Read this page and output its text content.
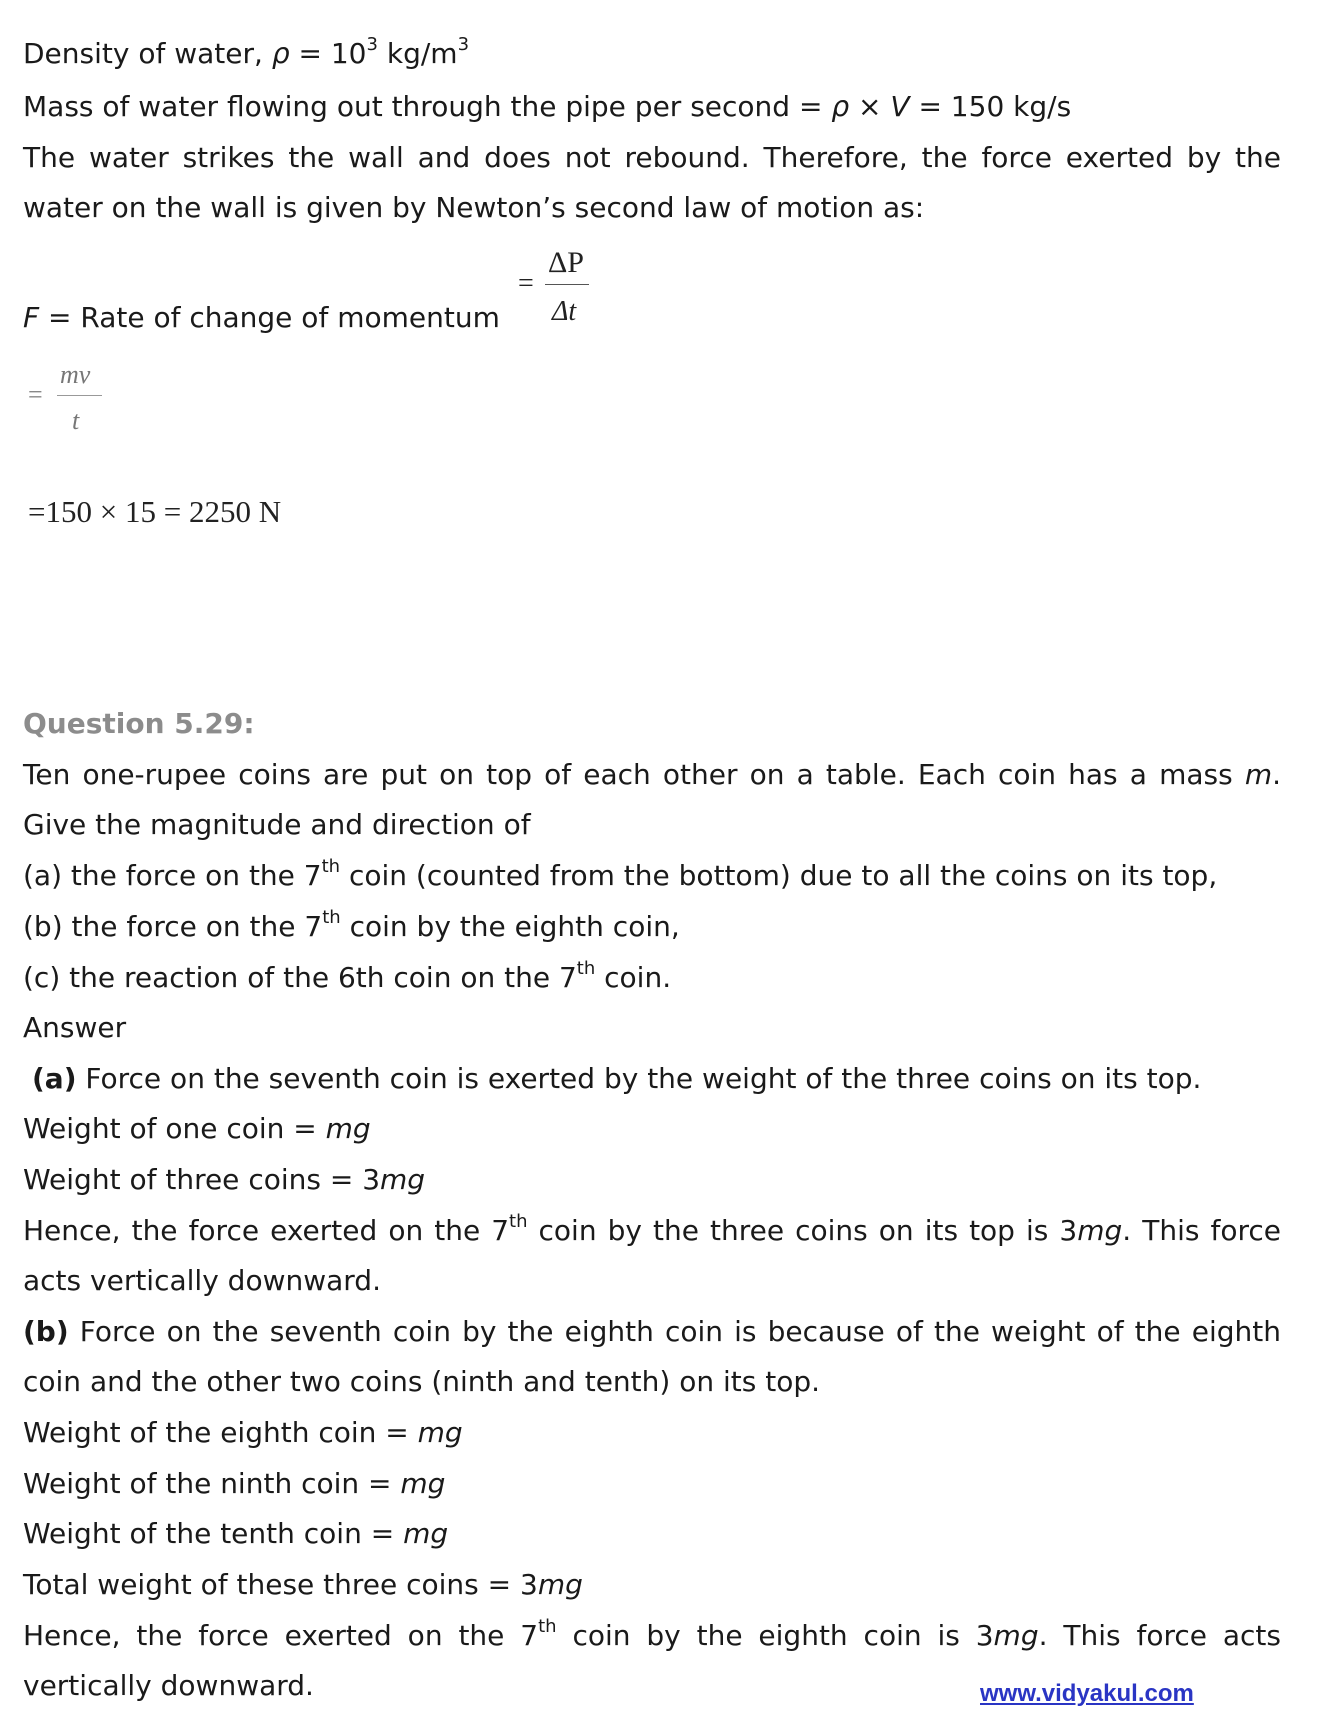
Density of water, $\rho = 10^3$ $kg/m^3$
Mass of water flowing out through the pipe per second = ρ × V = 150 kg/s
The water strikes the wall and does not rebound. Therefore, the force exerted by the
water on the wall is given by Newton’s second law of motion as:
F = Rate of change of momentum
=
ΔP
Δt
=
mv
t
=150 × 15 = 2250 N
Question 5.29:
Ten one-rupee coins are put on top of each other on a table. Each coin has a mass m.
Give the magnitude and direction of
(a) the force on the 7th coin (counted from the bottom) due to all the coins on its top,
(b) the force on the 7th coin by the eighth coin,
(c) the reaction of the 6th coin on the 7th coin.
Answer
(a) Force on the seventh coin is exerted by the weight of the three coins on its top.
Weight of one coin = mg
Weight of three coins = 3mg
Hence, the force exerted on the 7th coin by the three coins on its top is 3mg. This force
acts vertically downward.
(b) Force on the seventh coin by the eighth coin is because of the weight of the eighth
coin and the other two coins (ninth and tenth) on its top.
Weight of the eighth coin = mg
Weight of the ninth coin = mg
Weight of the tenth coin = mg
Total weight of these three coins = 3mg
Hence, the force exerted on the 7th coin by the eighth coin is 3mg. This force acts
vertically downward.	www.vidyakul.com
